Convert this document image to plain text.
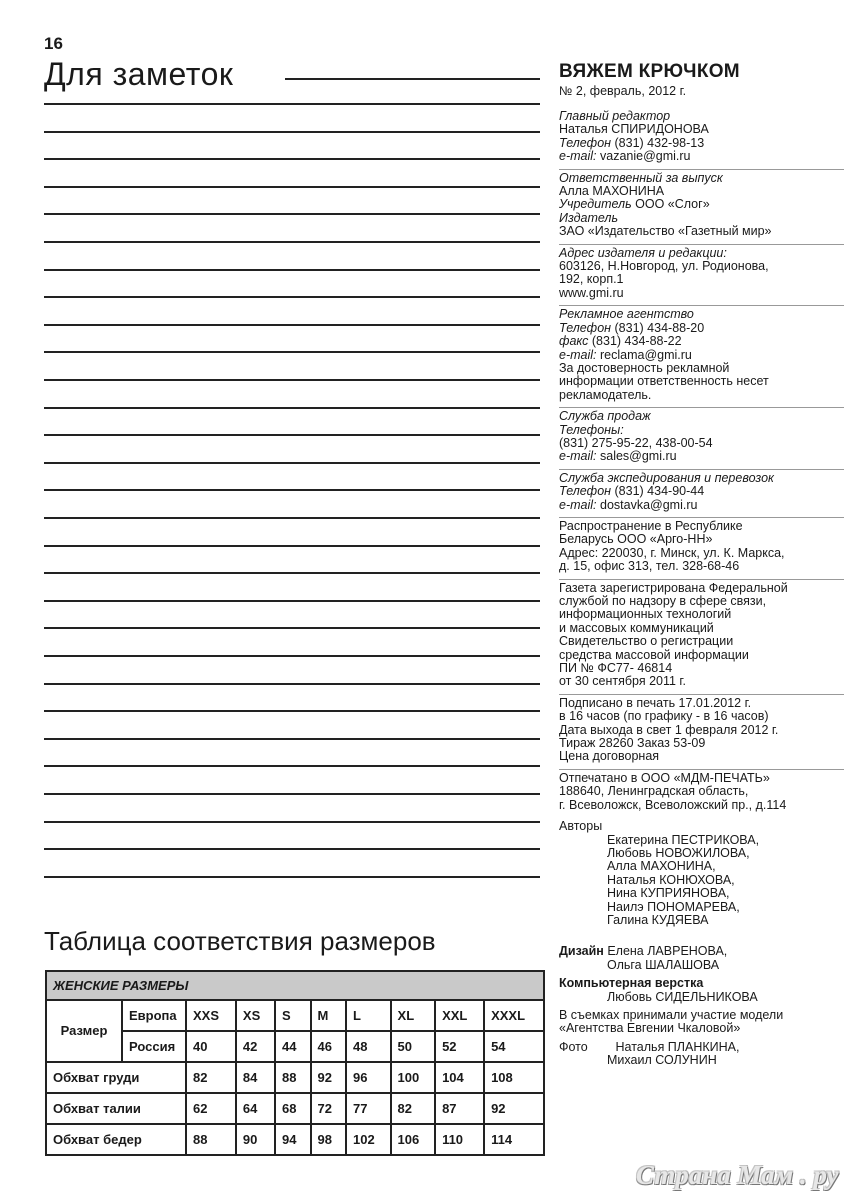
16
Для заметок
Таблица соответствия размеров
ЖЕНСКИЕ РАЗМЕРЫ									
Размер	Европа	XXS	XS	S	M	L	XL	XXL	XXXL
	Россия	40	42	44	46	48	50	52	54
Обхват груди		82	84	88	92	96	100	104	108
Обхват талии		62	64	68	72	77	82	87	92
Обхват бедер		88	90	94	98	102	106	110	114
ВЯЖЕМ КРЮЧКОМ
№ 2, февраль, 2012 г.
Главный редактор
Наталья СПИРИДОНОВА
Телефон (831) 432-98-13
e-mail: vazanie@gmi.ru
Ответственный за выпуск
Алла МАХОНИНА
Учредитель ООО «Слог»
Издатель
ЗАО «Издательство «Газетный мир»
Адрес издателя и редакции:
603126, Н.Новгород, ул. Родионова,
192, корп.1
www.gmi.ru
Рекламное агентство
Телефон (831) 434-88-20
факс (831) 434-88-22
e-mail: reclama@gmi.ru
За достоверность рекламной
информации ответственность несет
рекламодатель.
Служба продаж
Телефоны:
(831) 275-95-22, 438-00-54
e-mail: sales@gmi.ru
Служба экспедирования и перевозок
Телефон (831) 434-90-44
e-mail: dostavka@gmi.ru
Распространение в Республике
Беларусь ООО «Арго-НН»
Адрес: 220030, г. Минск, ул. К. Маркса,
д. 15, офис 313, тел. 328-68-46
Газета зарегистрирована Федеральной
службой по надзору в сфере связи,
информационных технологий
и массовых коммуникаций
Свидетельство о регистрации
средства массовой информации
ПИ № ФС77- 46814
от 30 сентября 2011 г.
Подписано в печать 17.01.2012 г.
в 16 часов (по графику - в 16 часов)
Дата выхода в свет 1 февраля 2012 г.
Тираж 28260 Заказ 53-09
Цена договорная
Отпечатано в ООО «МДМ-ПЕЧАТЬ»
188640, Ленинградская область,
г. Всеволожск, Всеволожский пр., д.114
Авторы
Екатерина ПЕСТРИКОВА,
Любовь НОВОЖИЛОВА,
Алла МАХОНИНА,
Наталья КОНЮХОВА,
Нина КУПРИЯНОВА,
Наилэ ПОНОМАРЕВА,
Галина КУДЯЕВА
Дизайн Елена ЛАВРЕНОВА,
Ольга ШАЛАШОВА
Компьютерная верстка
Любовь СИДЕЛЬНИКОВА
В съемках принимали участие модели
«Агентства Евгении Чкаловой»
Фото Наталья ПЛАНКИНА,
Михаил СОЛУНИН
Страна Мам . ру
